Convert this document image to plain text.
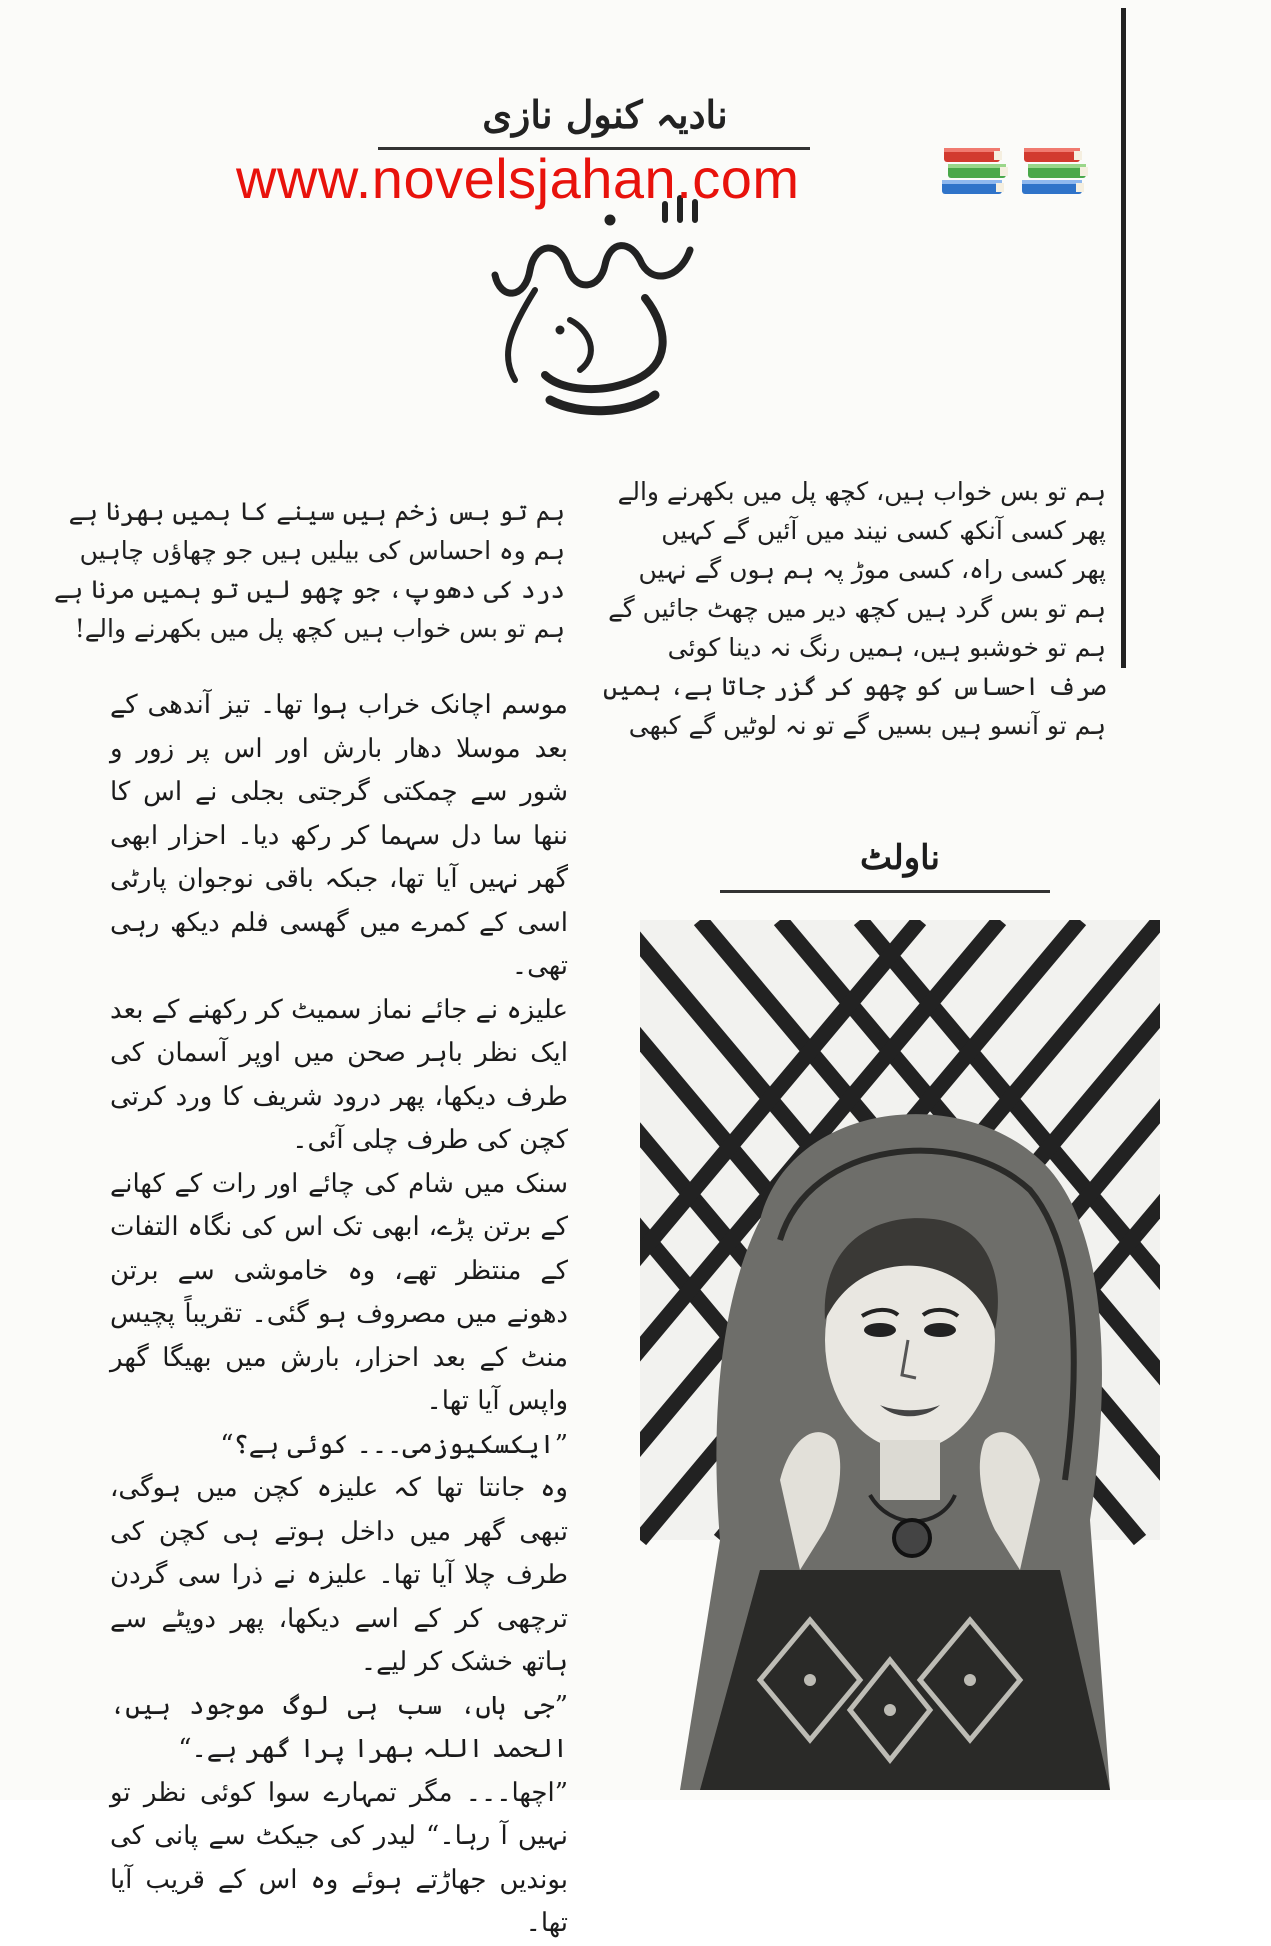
نادیہ کنول نازی
www.novelsjahan.com
ہم تو بس خواب ہیں، کچھ پل میں بکھرنے والے
پھر کسی آنکھ کسی نیند میں آئیں گے کہیں
پھر کسی راہ، کسی موڑ پہ ہم ہوں گے نہیں
ہم تو بس گرد ہیں کچھ دیر میں چھٹ جائیں گے
ہم تو خوشبو ہیں، ہمیں رنگ نہ دینا کوئی
صرف احساس کو چھو کر گزر جاتا ہے، ہمیں
ہم تو آنسو ہیں بسیں گے تو نہ لوٹیں گے کبھی
ہم تو بس زخم ہیں سینے کا ہمیں بھرنا ہے
ہم وہ احساس کی بیلیں ہیں جو چھاؤں چاہیں
درد کی دھوپ، جو چھو لیں تو ہمیں مرنا ہے
ہم تو بس خواب ہیں کچھ پل میں بکھرنے والے!
ناولٹ

موسم اچانک خراب ہوا تھا۔ تیز آندھی کے بعد موسلا دھار بارش اور اس پر زور و شور سے چمکتی گرجتی بجلی نے اس کا ننھا سا دل سہما کر رکھ دیا۔ احزار ابھی گھر نہیں آیا تھا، جبکہ باقی نوجوان پارٹی اسی کے کمرے میں گھسی فلم دیکھ رہی تھی۔

علیزہ نے جائے نماز سمیٹ کر رکھنے کے بعد ایک نظر باہر صحن میں اوپر آسمان کی طرف دیکھا، پھر درود شریف کا ورد کرتی کچن کی طرف چلی آئی۔

سنک میں شام کی چائے اور رات کے کھانے کے برتن پڑے، ابھی تک اس کی نگاہ التفات کے منتظر تھے، وہ خاموشی سے برتن دھونے میں مصروف ہو گئی۔ تقریباً پچیس منٹ کے بعد احزار، بارش میں بھیگا گھر واپس آیا تھا۔

”ایکسکیوزمی۔۔۔ کوئی ہے؟“

وہ جانتا تھا کہ علیزہ کچن میں ہوگی، تبھی گھر میں داخل ہوتے ہی کچن کی طرف چلا آیا تھا۔ علیزہ نے ذرا سی گردن ترچھی کر کے اسے دیکھا، پھر دوپٹے سے ہاتھ خشک کر لیے۔

”جی ہاں، سب ہی لوگ موجود ہیں، الحمد اللہ بھرا پرا گھر ہے۔“

”اچھا۔۔۔ مگر تمہارے سوا کوئی نظر تو نہیں آ رہا۔“ لیدر کی جیکٹ سے پانی کی بوندیں جھاڑتے ہوئے وہ اس کے قریب آیا تھا۔
